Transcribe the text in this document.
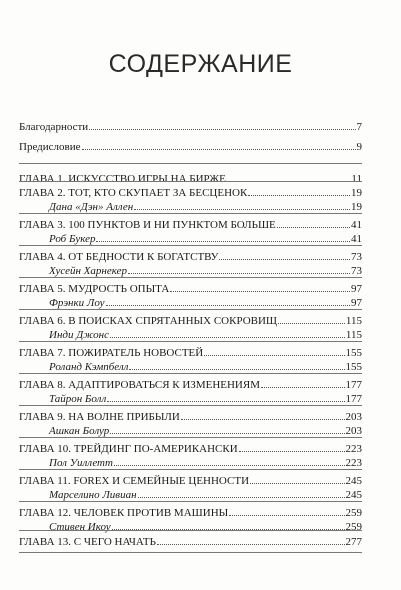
СОДЕРЖАНИЕ
Благодарности	7
Предисловие	9
ГЛАВА 1. ИСКУССТВО ИГРЫ НА БИРЖЕ	11
ГЛАВА 2. ТОТ, КТО СКУПАЕТ ЗА БЕСЦЕНОК	19
Дана «Дэн» Аллен	19
ГЛАВА 3. 100 ПУНКТОВ И НИ ПУНКТОМ БОЛЬШЕ	41
Роб Букер	41
ГЛАВА 4. ОТ БЕДНОСТИ К БОГАТСТВУ	73
Хусейн Харнекер	73
ГЛАВА 5. МУДРОСТЬ ОПЫТА	97
Фрэнки Лоу	97
ГЛАВА 6. В ПОИСКАХ СПРЯТАННЫХ СОКРОВИЩ	115
Инди Джонс	115
ГЛАВА 7. ПОЖИРАТЕЛЬ НОВОСТЕЙ	155
Роланд Кэмпбелл	155
ГЛАВА 8. АДАПТИРОВАТЬСЯ К ИЗМЕНЕНИЯМ	177
Тайрон Болл	177
ГЛАВА 9. НА ВОЛНЕ ПРИБЫЛИ	203
Ашкан Болур	203
ГЛАВА 10. ТРЕЙДИНГ ПО-АМЕРИКАНСКИ	223
Пол Уиллетт	223
ГЛАВА 11. FOREX И СЕМЕЙНЫЕ ЦЕННОСТИ	245
Марселино Ливиан	245
ГЛАВА 12. ЧЕЛОВЕК ПРОТИВ МАШИНЫ	259
Стивен Икоу	259
ГЛАВА 13. С ЧЕГО НАЧАТЬ	277
